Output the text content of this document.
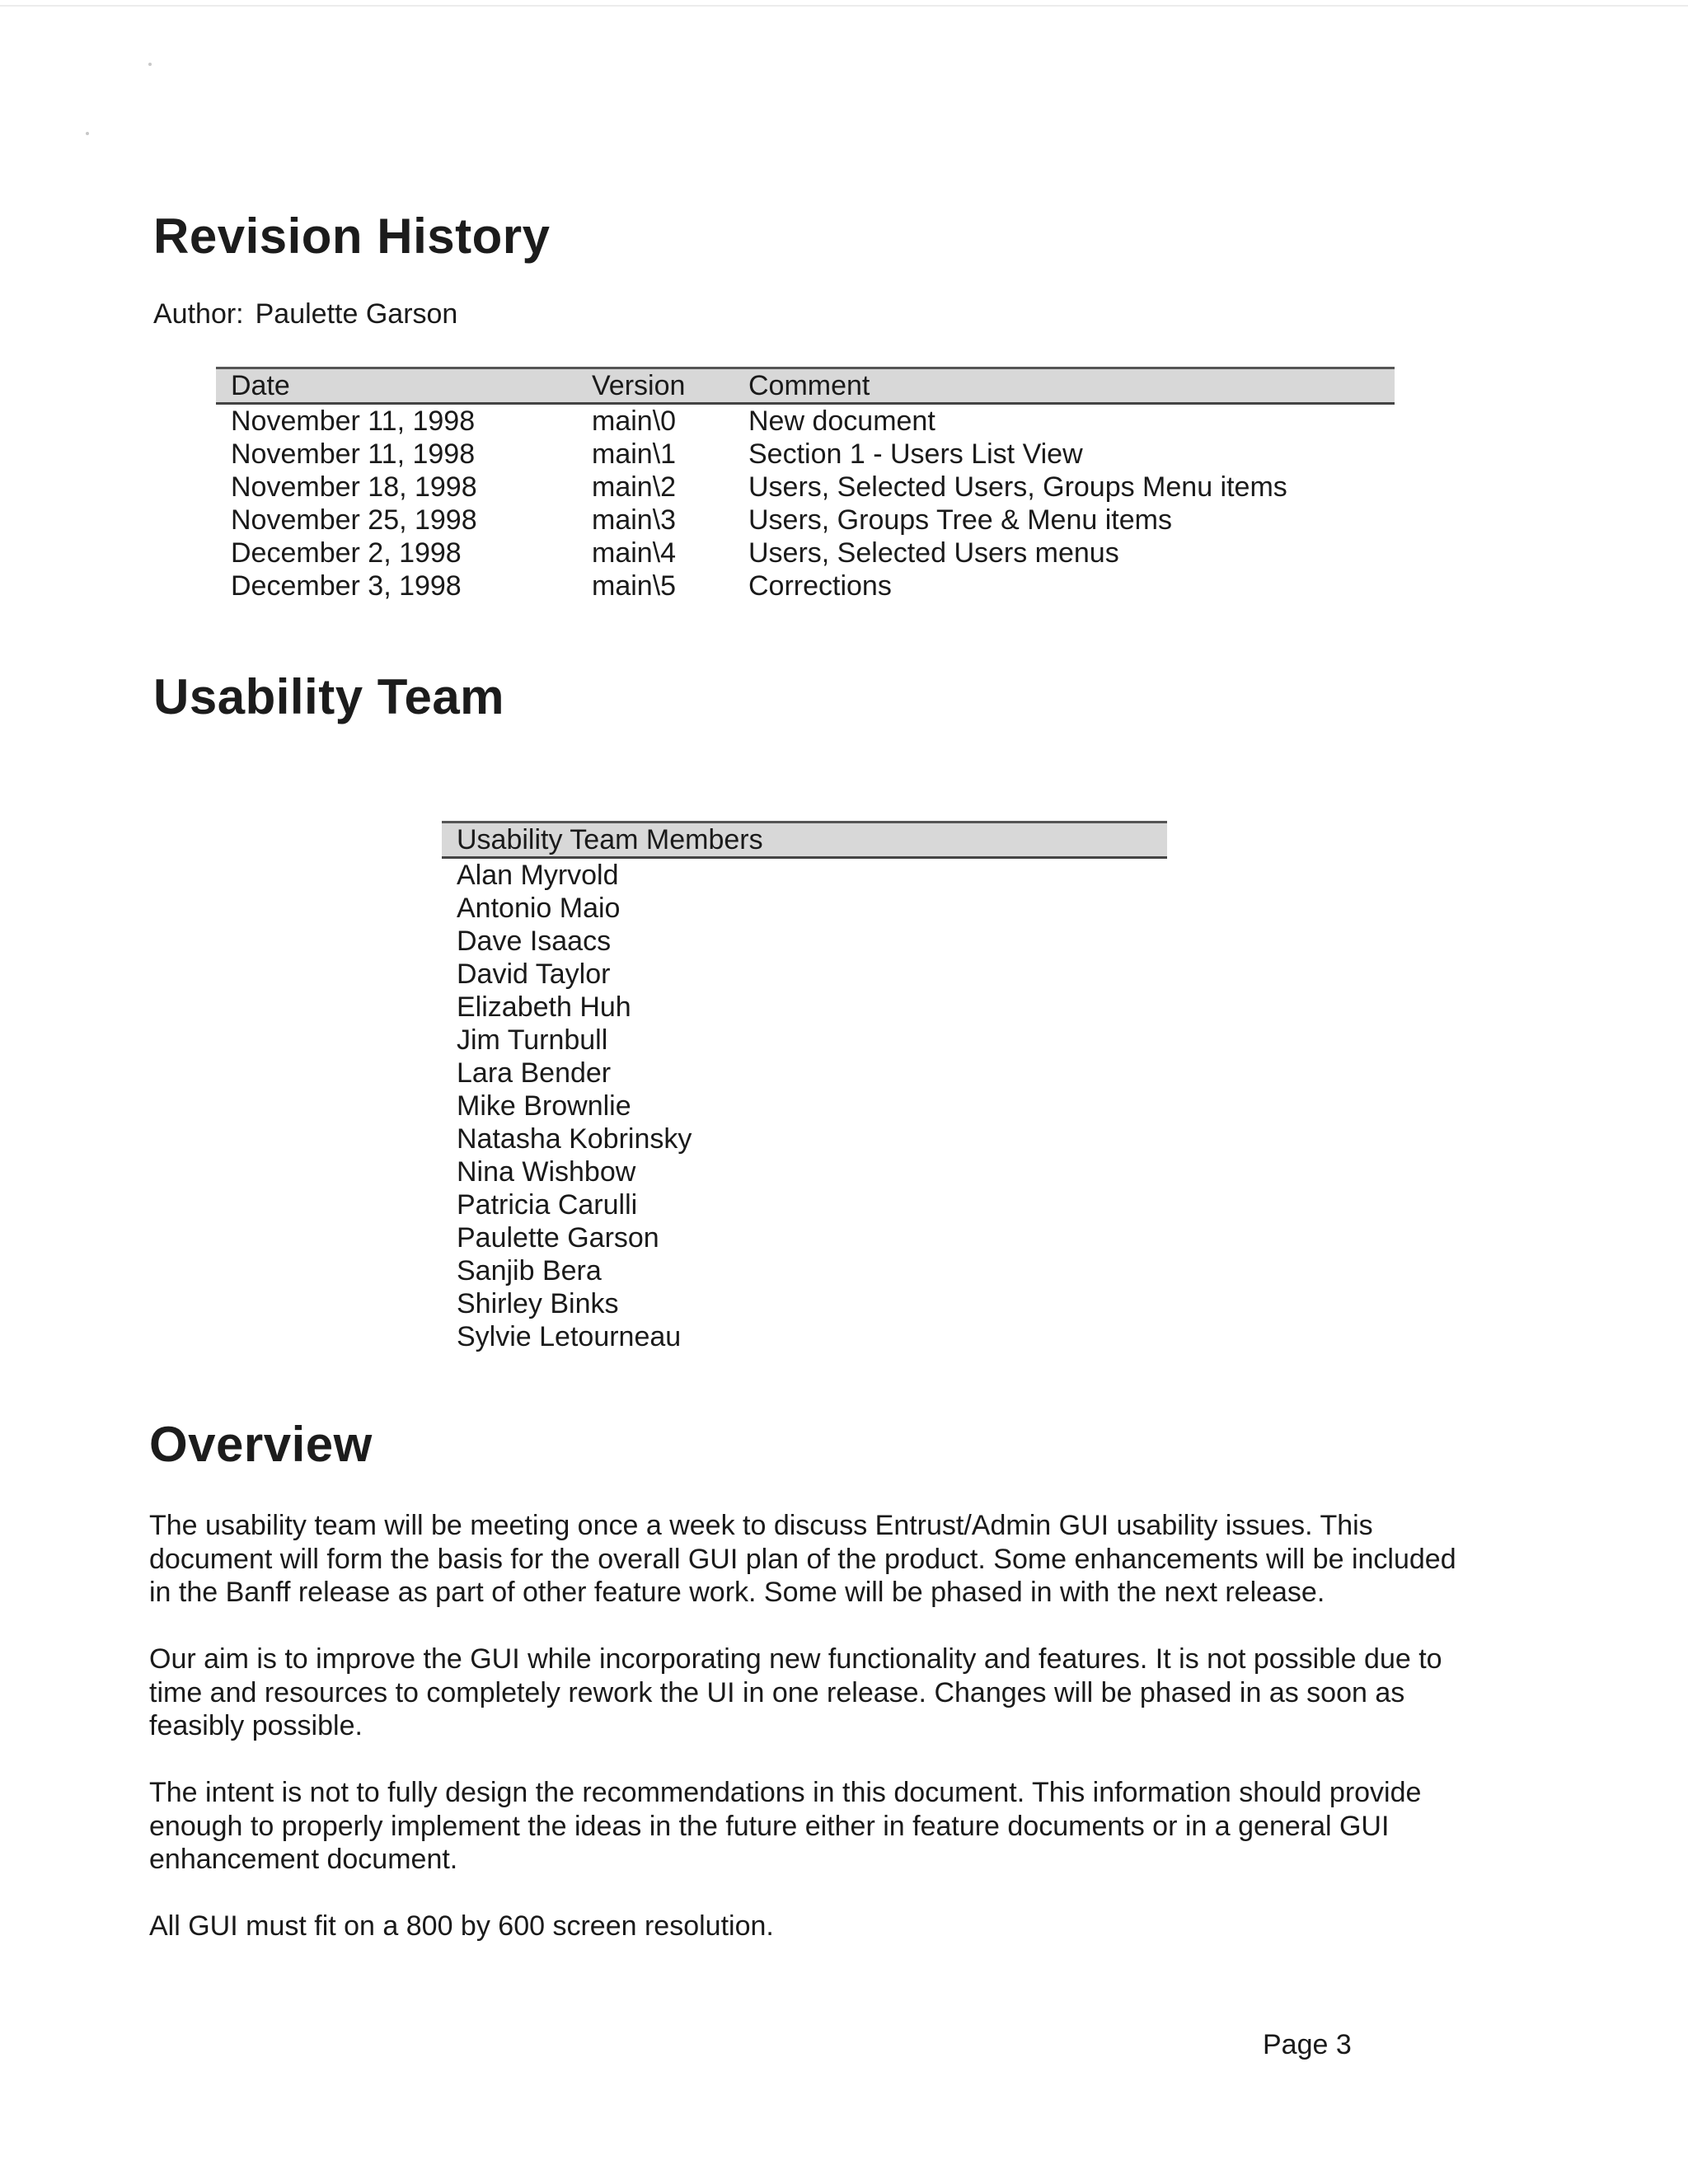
Revision History
Author: Paulette Garson
Date	Version Comment
November 11, 1998	main\0	New document
November 11, 1998	main\1	Section 1 - Users List View
November 18, 1998	main\2	Users, Selected Users, Groups Menu items
November 25, 1998	main\3	Users, Groups Tree & Menu items
December 2, 1998	main\4	Users, Selected Users menus
December 3, 1998	main\5	Corrections
Usability Team
Usability Team Members
Alan Myrvold
Antonio Maio
Dave Isaacs
David Taylor
Elizabeth Huh
Jim Turnbull
Lara Bender
Mike Brownlie
Natasha Kobrinsky
Nina Wishbow
Patricia Carulli
Paulette Garson
Sanjib Bera
Shirley Binks
Sylvie Letourneau
Overview

The usability team will be meeting once a week to discuss Entrust/Admin GUI usability issues. This document will form the basis for the overall GUI plan of the product. Some enhancements will be included in the Banff release as part of other feature work. Some will be phased in with the next release.

Our aim is to improve the GUI while incorporating new functionality and features. It is not possible due to time and resources to completely rework the UI in one release. Changes will be phased in as soon as feasibly possible.

The intent is not to fully design the recommendations in this document. This information should provide enough to properly implement the ideas in the future either in feature documents or in a general GUI enhancement document.

All GUI must fit on a 800 by 600 screen resolution.

Page 3
